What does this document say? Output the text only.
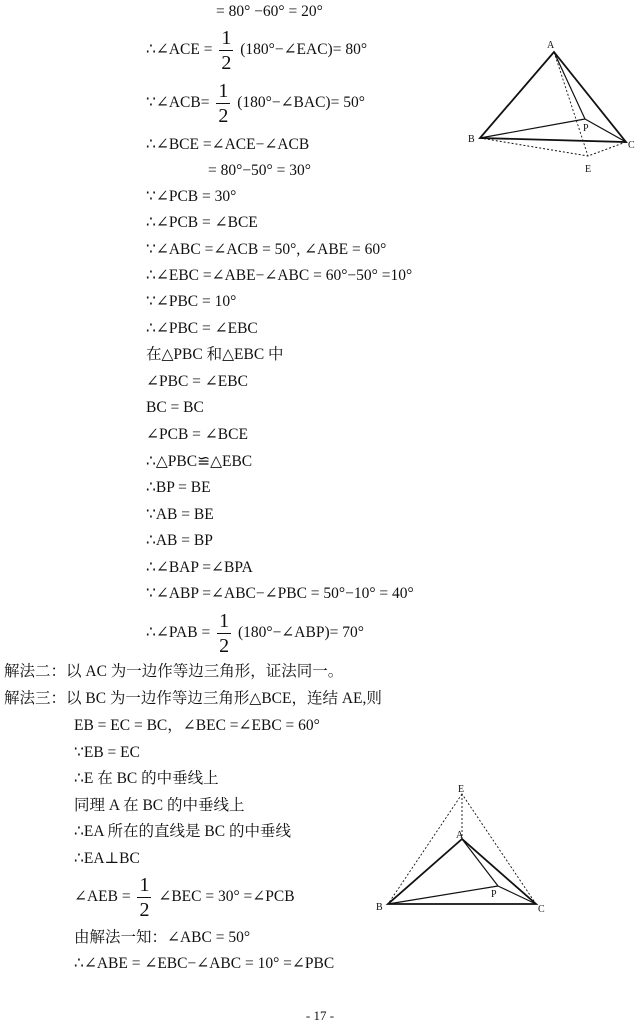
= 80° −60° = 20°
∴∠ACE = $\frac{1}{2}$ (180°−∠EAC)= 80°
∵∠ACB= $\frac{1}{2}$ (180°−∠BAC)= 50°
∴∠BCE =∠ACE−∠ACB
= 80°−50° = 30°
∵∠PCB = 30°
∴∠PCB = ∠BCE
∵∠ABC =∠ACB = 50°, ∠ABE = 60°
∴∠EBC =∠ABE−∠ABC = 60°−50° =10°
∵∠PBC = 10°
∴∠PBC = ∠EBC
在△PBC 和△EBC 中
∠PBC = ∠EBC
BC = BC
∠PCB = ∠BCE
∴△PBC≌△EBC
∴BP = BE
∵AB = BE
∴AB = BP
∴∠BAP =∠BPA
∵∠ABP =∠ABC−∠PBC = 50°−10° = 40°
∴∠PAB = $\frac{1}{2}$ (180°−∠ABP)= 70°
解法二：以 AC 为一边作等边三角形，证法同一。
解法三：以 BC 为一边作等边三角形△BCE，连结 AE,则
EB = EC = BC，∠BEC =∠EBC = 60°
∵EB = EC
∴E 在 BC 的中垂线上
同理 A 在 BC 的中垂线上
∴EA 所在的直线是 BC 的中垂线
∴EA⊥BC
∠AEB = $\frac{1}{2}$ ∠BEC = 30° =∠PCB
由解法一知：∠ABC = 50°
∴∠ABE = ∠EBC−∠ABC = 10° =∠PBC
A
B
C
P
E
E
A
B	C
P
- 17 -
